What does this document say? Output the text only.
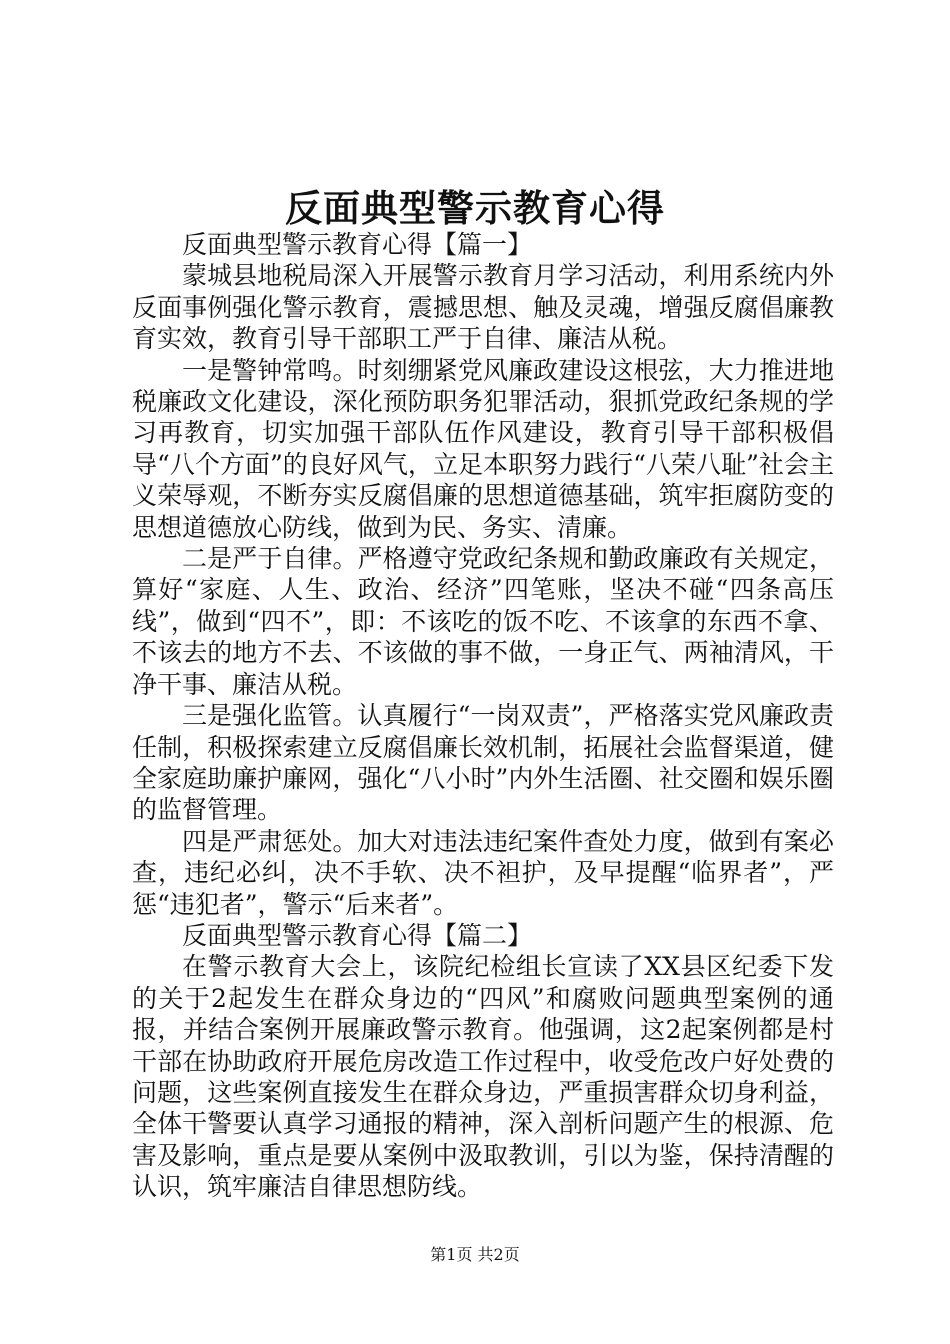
反面典型警示教育心得

反面典型警示教育心得【篇一】

蒙城县地税局深入开展警示教育月学习活动，利用系统内外反面事例强化警示教育，震撼思想、触及灵魂，增强反腐倡廉教育实效，教育引导干部职工严于自律、廉洁从税。

一是警钟常鸣。时刻绷紧党风廉政建设这根弦，大力推进地税廉政文化建设，深化预防职务犯罪活动，狠抓党政纪条规的学习再教育，切实加强干部队伍作风建设，教育引导干部积极倡导“八个方面”的良好风气，立足本职努力践行“八荣八耻”社会主义荣辱观，不断夯实反腐倡廉的思想道德基础，筑牢拒腐防变的思想道德放心防线，做到为民、务实、清廉。

二是严于自律。严格遵守党政纪条规和勤政廉政有关规定，算好“家庭、人生、政治、经济”四笔账，坚决不碰“四条高压线”，做到“四不”，即：不该吃的饭不吃、不该拿的东西不拿、不该去的地方不去、不该做的事不做，一身正气、两袖清风，干净干事、廉洁从税。

三是强化监管。认真履行“一岗双责”，严格落实党风廉政责任制，积极探索建立反腐倡廉长效机制，拓展社会监督渠道，健全家庭助廉护廉网，强化“八小时”内外生活圈、社交圈和娱乐圈的监督管理。

四是严肃惩处。加大对违法违纪案件查处力度，做到有案必查，违纪必纠，决不手软、决不袒护，及早提醒“临界者”，严惩“违犯者”，警示“后来者”。

反面典型警示教育心得【篇二】

在警示教育大会上，该院纪检组长宣读了XX县区纪委下发的关于2起发生在群众身边的“四风”和腐败问题典型案例的通报，并结合案例开展廉政警示教育。他强调，这2起案例都是村干部在协助政府开展危房改造工作过程中，收受危改户好处费的问题，这些案例直接发生在群众身边，严重损害群众切身利益，全体干警要认真学习通报的精神，深入剖析问题产生的根源、危害及影响，重点是要从案例中汲取教训，引以为鉴，保持清醒的认识，筑牢廉洁自律思想防线。

第1页 共2页
